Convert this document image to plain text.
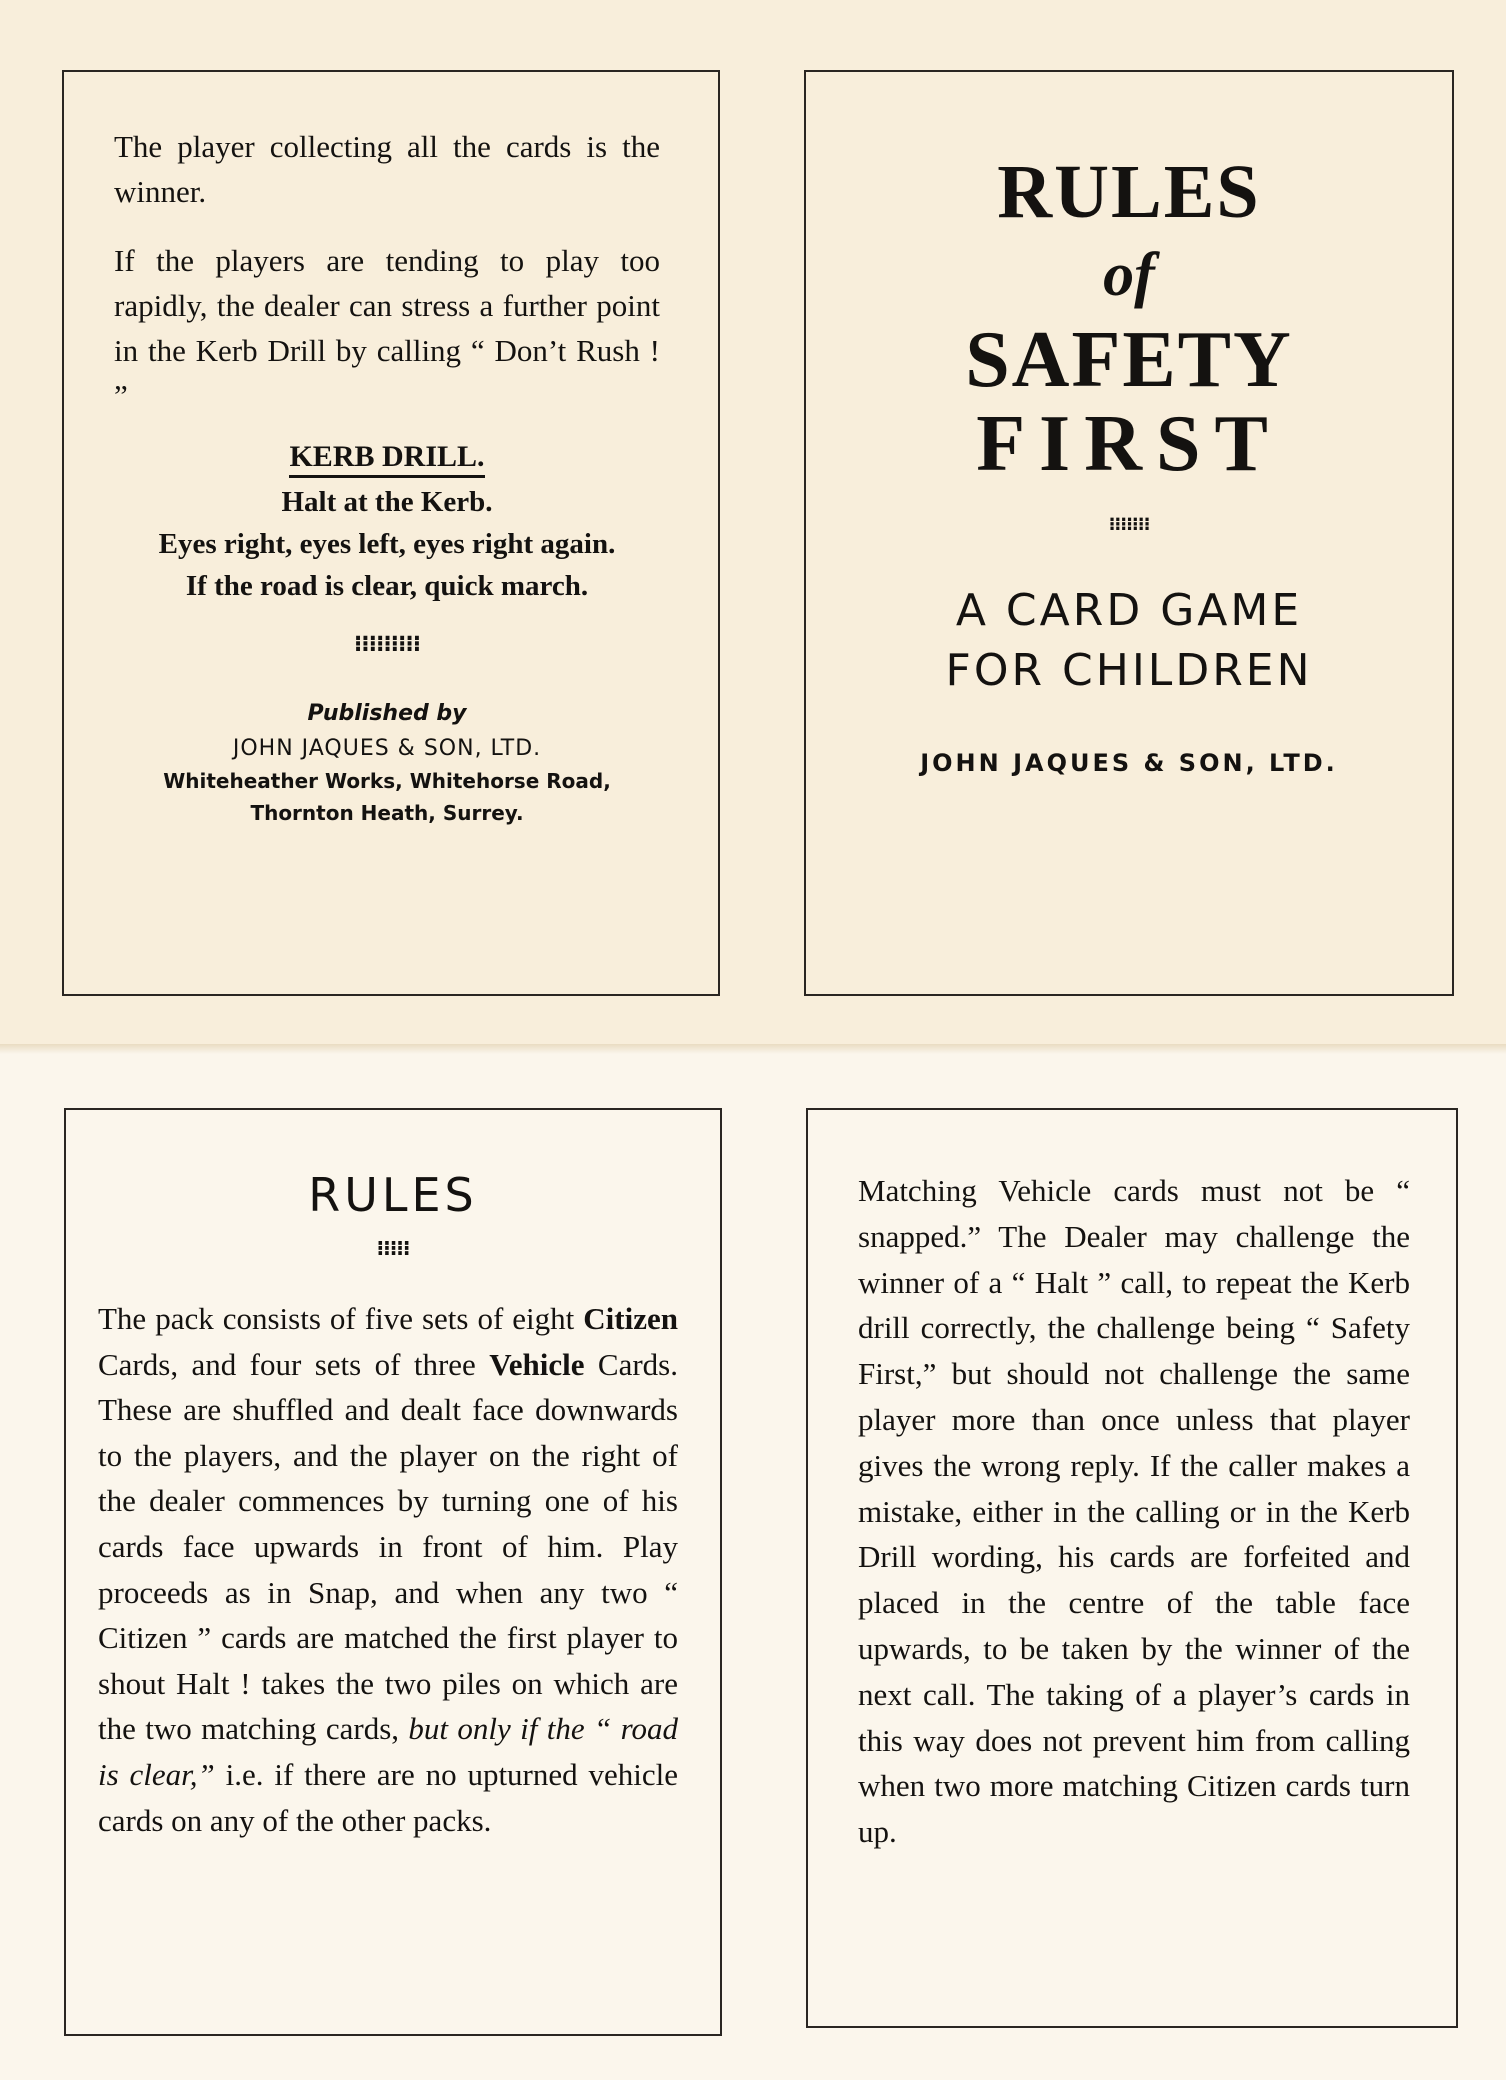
The player collecting all the cards is the winner.

If the players are tending to play too rapidly, the dealer can stress a further point in the Kerb Drill by calling “ Don’t Rush ! ”

KERB DRILL.

Halt at the Kerb.

Eyes right, eyes left, eyes right again.

If the road is clear, quick march.

⁝⁝⁝⁝⁝⁝⁝⁝⁝
Published by
JOHN JAQUES & SON, LTD.
Whiteheather Works, Whitehorse Road,
Thornton Heath, Surrey.

RULES

of

SAFETY

FIRST

⁝⁝⁝⁝⁝⁝⁝

A CARD GAME

FOR CHILDREN

JOHN JAQUES & SON, LTD.
RULES
⁝⁝⁝⁝⁝

The pack consists of five sets of eight Citizen Cards, and four sets of three Vehicle Cards. These are shuffled and dealt face downwards to the players, and the player on the right of the dealer commences by turning one of his cards face upwards in front of him. Play proceeds as in Snap, and when any two “ Citizen ” cards are matched the first player to shout Halt ! takes the two piles on which are the two matching cards, but only if the “ road is clear,” i.e. if there are no upturned vehicle cards on any of the other packs.

Matching Vehicle cards must not be “ snapped.” The Dealer may challenge the winner of a “ Halt ” call, to repeat the Kerb drill correctly, the challenge being “ Safety First,” but should not challenge the same player more than once unless that player gives the wrong reply. If the caller makes a mistake, either in the calling or in the Kerb Drill wording, his cards are forfeited and placed in the centre of the table face upwards, to be taken by the winner of the next call. The taking of a player’s cards in this way does not prevent him from calling when two more matching Citizen cards turn up.
